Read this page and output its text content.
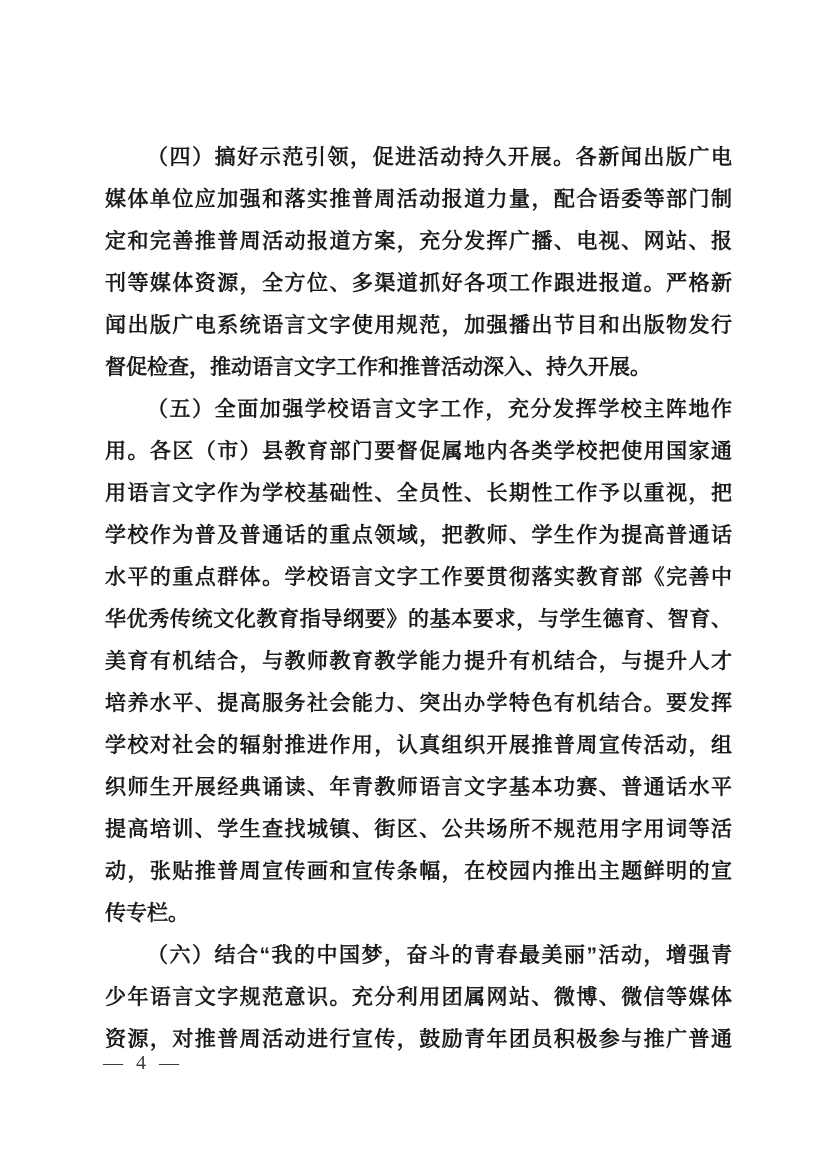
（四）搞好示范引领，促进活动持久开展。各新闻出版广电
媒体单位应加强和落实推普周活动报道力量，配合语委等部门制
定和完善推普周活动报道方案，充分发挥广播、电视、网站、报
刊等媒体资源，全方位、多渠道抓好各项工作跟进报道。严格新
闻出版广电系统语言文字使用规范，加强播出节目和出版物发行
督促检查，推动语言文字工作和推普活动深入、持久开展。
（五）全面加强学校语言文字工作，充分发挥学校主阵地作
用。各区（市）县教育部门要督促属地内各类学校把使用国家通
用语言文字作为学校基础性、全员性、长期性工作予以重视，把
学校作为普及普通话的重点领域，把教师、学生作为提高普通话
水平的重点群体。学校语言文字工作要贯彻落实教育部《完善中
华优秀传统文化教育指导纲要》的基本要求，与学生德育、智育、
美育有机结合，与教师教育教学能力提升有机结合，与提升人才
培养水平、提高服务社会能力、突出办学特色有机结合。要发挥
学校对社会的辐射推进作用，认真组织开展推普周宣传活动，组
织师生开展经典诵读、年青教师语言文字基本功赛、普通话水平
提高培训、学生查找城镇、街区、公共场所不规范用字用词等活
动，张贴推普周宣传画和宣传条幅，在校园内推出主题鲜明的宣
传专栏。
（六）结合“我的中国梦，奋斗的青春最美丽”活动，增强青
少年语言文字规范意识。充分利用团属网站、微博、微信等媒体
资源，对推普周活动进行宣传，鼓励青年团员积极参与推广普通
— 4 —
